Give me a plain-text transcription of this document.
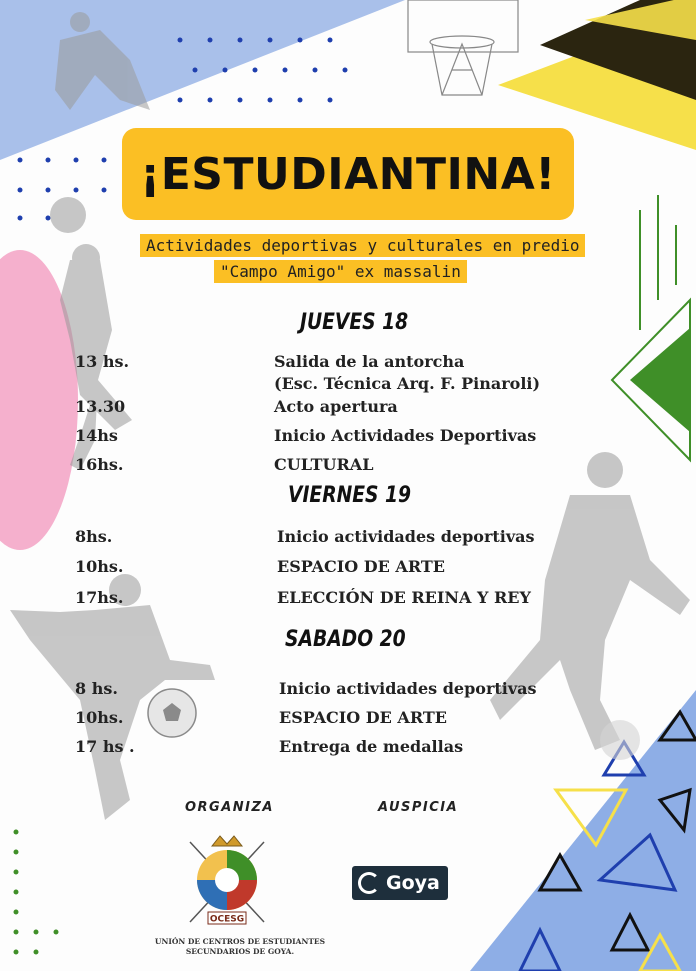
¡ESTUDIANTINA!
Actividades deportivas y culturales en predio
"Campo Amigo" ex massalin
JUEVES 18
13 hs.	Salida de la antorcha
(Esc. Técnica Arq. F. Pinaroli)
13.30	Acto apertura
14hs	Inicio Actividades Deportivas
16hs.	CULTURAL
VIERNES 19
8hs.	Inicio actividades deportivas
10hs.	ESPACIO DE ARTE
17hs.	ELECCIÓN DE REINA Y REY
SABADO 20
8 hs.	Inicio actividades deportivas
10hs.	ESPACIO DE ARTE
17 hs .	Entrega de medallas
ORGANIZA	AUSPICIA
OCESG
UNIÓN DE CENTROS DE ESTUDIANTES
SECUNDARIOS DE GOYA.
Goya
